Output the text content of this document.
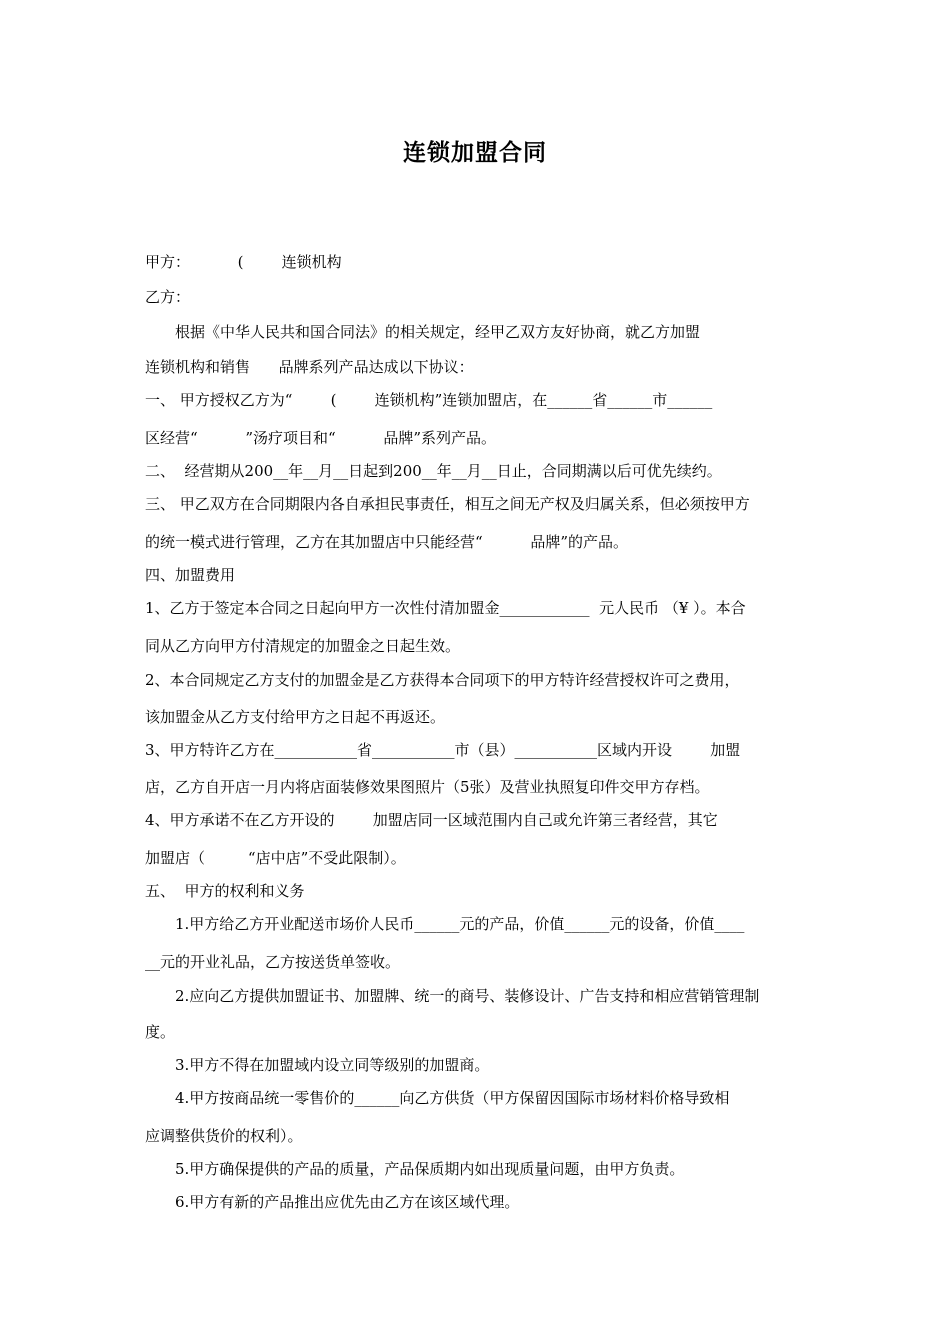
连锁加盟合同
甲方：          (        连锁机构
乙方：
根据《中华人民共和国合同法》的相关规定，经甲乙双方友好协商，就乙方加盟
连锁机构和销售      品牌系列产品达成以下协议：
一、 甲方授权乙方为“        (        连锁机构”连锁加盟店，在______省______市______
区经营“          ”汤疗项目和“          品牌”系列产品。
二、  经营期从200__年__月__日起到200__年__月__日止，合同期满以后可优先续约。
三、 甲乙双方在合同期限内各自承担民事责任，相互之间无产权及归属关系，但必须按甲方
的统一模式进行管理，乙方在其加盟店中只能经营“          品牌”的产品。
四、加盟费用
1、乙方于签定本合同之日起向甲方一次性付清加盟金____________  元人民币 （¥ ）。本合
同从乙方向甲方付清规定的加盟金之日起生效。
2、本合同规定乙方支付的加盟金是乙方获得本合同项下的甲方特许经营授权许可之费用，
该加盟金从乙方支付给甲方之日起不再返还。
3、甲方特许乙方在___________省___________市（县）___________区域内开设        加盟
店，乙方自开店一月内将店面装修效果图照片（5张）及营业执照复印件交甲方存档。
4、甲方承诺不在乙方开设的        加盟店同一区域范围内自己或允许第三者经营，其它
加盟店（         “店中店”不受此限制）。
五、  甲方的权利和义务
1.甲方给乙方开业配送市场价人民币______元的产品，价值______元的设备，价值____
__元的开业礼品，乙方按送货单签收。
2.应向乙方提供加盟证书、加盟牌、统一的商号、装修设计、广告支持和相应营销管理制
度。
3.甲方不得在加盟域内设立同等级别的加盟商。
4.甲方按商品统一零售价的______向乙方供货（甲方保留因国际市场材料价格导致相
应调整供货价的权利）。
5.甲方确保提供的产品的质量，产品保质期内如出现质量问题，由甲方负责。
6.甲方有新的产品推出应优先由乙方在该区域代理。
